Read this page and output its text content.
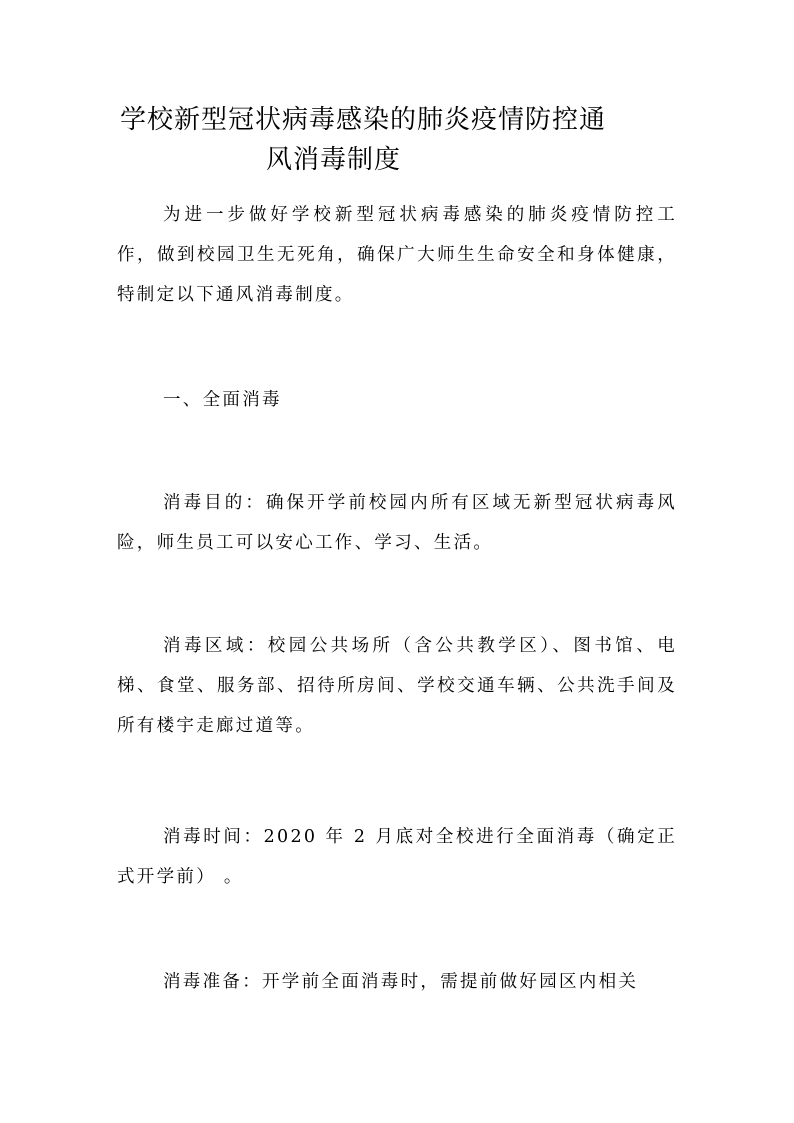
学校新型冠状病毒感染的肺炎疫情防控通
风消毒制度

为进一步做好学校新型冠状病毒感染的肺炎疫情防控工作，做到校园卫生无死角，确保广大师生生命安全和身体健康，特制定以下通风消毒制度。

一、全面消毒

消毒目的：确保开学前校园内所有区域无新型冠状病毒风险，师生员工可以安心工作、学习、生活。

消毒区域：校园公共场所（含公共教学区）、图书馆、电梯、食堂、服务部、招待所房间、学校交通车辆、公共洗手间及所有楼宇走廊过道等。

消毒时间：2020 年 2 月底对全校进行全面消毒（确定正式开学前） 。

消毒准备：开学前全面消毒时，需提前做好园区内相关
